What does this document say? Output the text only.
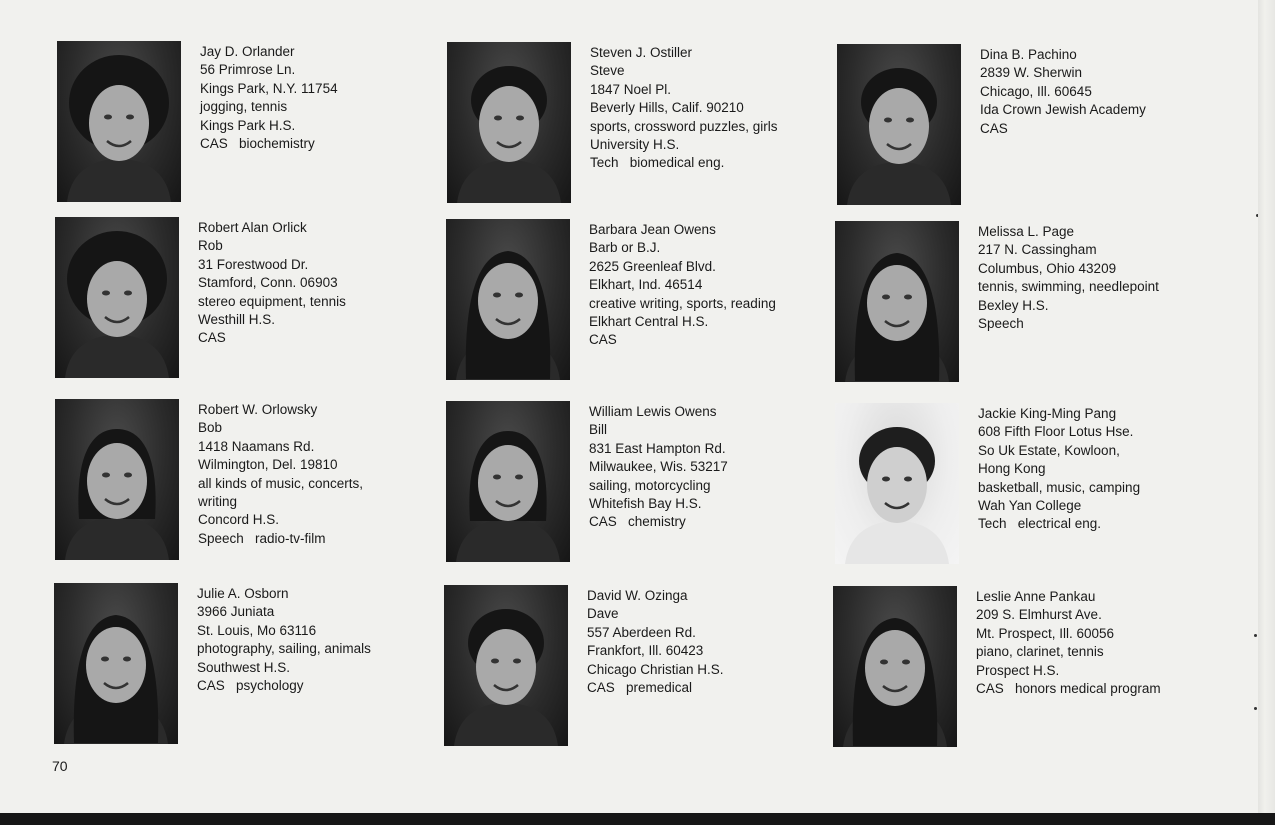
Jay D. Orlander
56 Primrose Ln.
Kings Park, N.Y. 11754
jogging, tennis
Kings Park H.S.
CAS   biochemistry
Steven J. Ostiller
Steve
1847 Noel Pl.
Beverly Hills, Calif. 90210
sports, crossword puzzles, girls
University H.S.
Tech   biomedical eng.
Dina B. Pachino
2839 W. Sherwin
Chicago, Ill. 60645
Ida Crown Jewish Academy
CAS
Robert Alan Orlick
Rob
31 Forestwood Dr.
Stamford, Conn. 06903
stereo equipment, tennis
Westhill H.S.
CAS
Barbara Jean Owens
Barb or B.J.
2625 Greenleaf Blvd.
Elkhart, Ind. 46514
creative writing, sports, reading
Elkhart Central H.S.
CAS
Melissa L. Page
217 N. Cassingham
Columbus, Ohio 43209
tennis, swimming, needlepoint
Bexley H.S.
Speech
Robert W. Orlowsky
Bob
1418 Naamans Rd.
Wilmington, Del. 19810
all kinds of music, concerts,
writing
Concord H.S.
Speech   radio-tv-film
William Lewis Owens
Bill
831 East Hampton Rd.
Milwaukee, Wis. 53217
sailing, motorcycling
Whitefish Bay H.S.
CAS   chemistry
Jackie King-Ming Pang
608 Fifth Floor Lotus Hse.
So Uk Estate, Kowloon,
Hong Kong
basketball, music, camping
Wah Yan College
Tech   electrical eng.
Julie A. Osborn
3966 Juniata
St. Louis, Mo 63116
photography, sailing, animals
Southwest H.S.
CAS   psychology
David W. Ozinga
Dave
557 Aberdeen Rd.
Frankfort, Ill. 60423
Chicago Christian H.S.
CAS   premedical
Leslie Anne Pankau
209 S. Elmhurst Ave.
Mt. Prospect, Ill. 60056
piano, clarinet, tennis
Prospect H.S.
CAS   honors medical program
70
